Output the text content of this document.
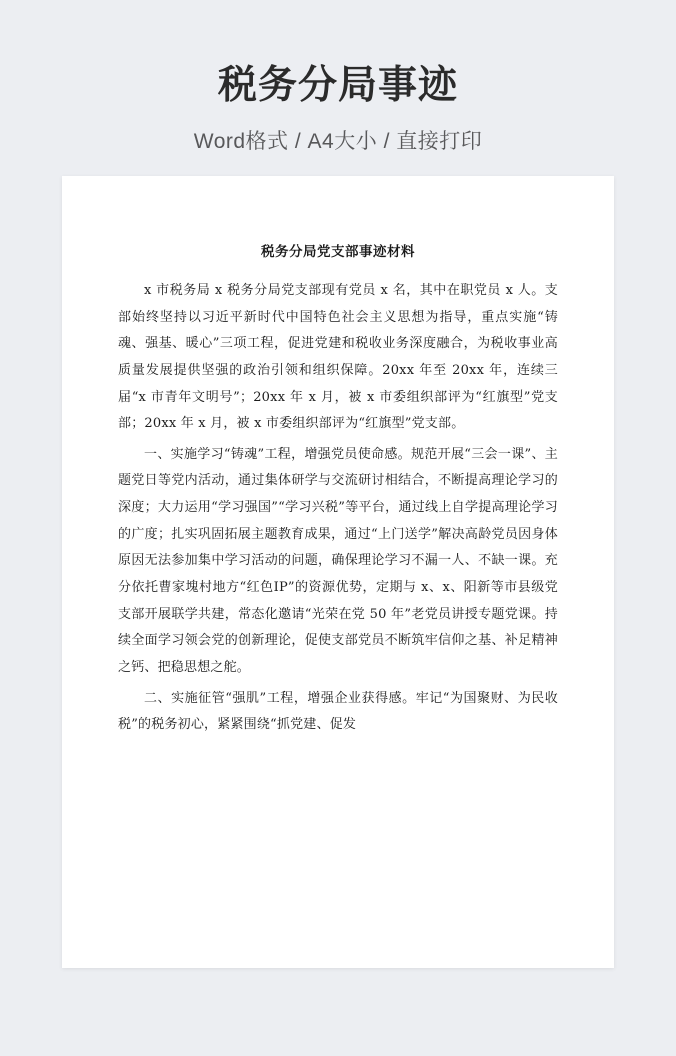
税务分局事迹
Word格式 / A4大小 / 直接打印
税务分局党支部事迹材料

x 市税务局 x 税务分局党支部现有党员 x 名，其中在职党员 x 人。支部始终坚持以习近平新时代中国特色社会主义思想为指导，重点实施“铸魂、强基、暖心”三项工程，促进党建和税收业务深度融合，为税收事业高质量发展提供坚强的政治引领和组织保障。20xx 年至 20xx 年，连续三届“x 市青年文明号”；20xx 年 x 月，被 x 市委组织部评为“红旗型”党支部；20xx 年 x 月，被 x 市委组织部评为“红旗型”党支部。

一、实施学习“铸魂”工程，增强党员使命感。规范开展“三会一课”、主题党日等党内活动，通过集体研学与交流研讨相结合，不断提高理论学习的深度；大力运用“学习强国”“学习兴税”等平台，通过线上自学提高理论学习的广度；扎实巩固拓展主题教育成果，通过“上门送学”解决高龄党员因身体原因无法参加集中学习活动的问题，确保理论学习不漏一人、不缺一课。充分依托曹家塊村地方“红色IP”的资源优势，定期与 x、x、阳新等市县级党支部开展联学共建，常态化邀请“光荣在党 50 年”老党员讲授专题党课。持续全面学习领会党的创新理论，促使支部党员不断筑牢信仰之基、补足精神之钙、把稳思想之舵。

二、实施征管“强肌”工程，增强企业获得感。牢记“为国聚财、为民收税”的税务初心，紧紧围绕“抓党建、促发
